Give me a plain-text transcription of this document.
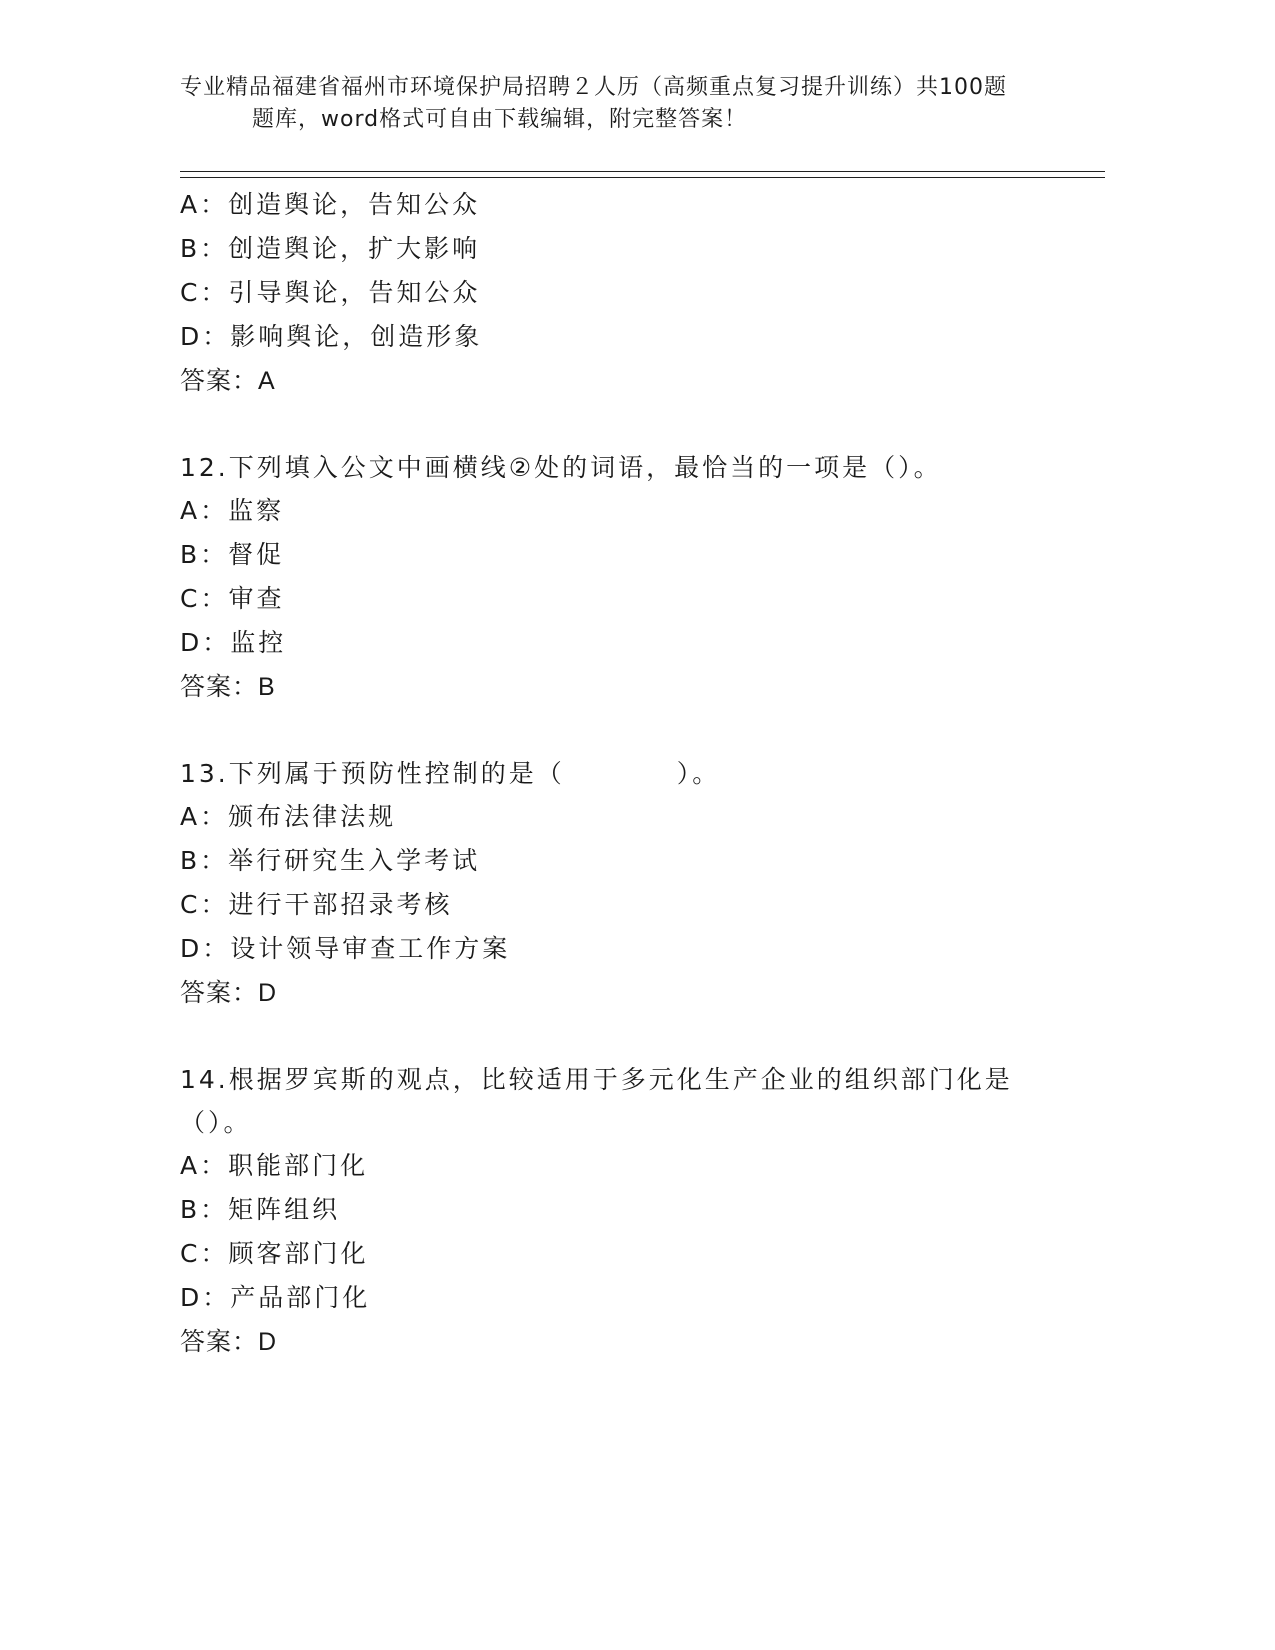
专业精品福建省福州市环境保护局招聘２人历（高频重点复习提升训练）共100题
题库，word格式可自由下载编辑，附完整答案！
A：创造舆论，告知公众
B：创造舆论，扩大影响
C：引导舆论，告知公众
D：影响舆论，创造形象
答案：A
12.下列填入公文中画横线②处的词语，最恰当的一项是（）。
A：监察
B：督促
C：审查
D：监控
答案：B
13.下列属于预防性控制的是（　　　　）。
A：颁布法律法规
B：举行研究生入学考试
C：进行干部招录考核
D：设计领导审查工作方案
答案：D
14.根据罗宾斯的观点，比较适用于多元化生产企业的组织部门化是（）。
A：职能部门化
B：矩阵组织
C：顾客部门化
D：产品部门化
答案：D
